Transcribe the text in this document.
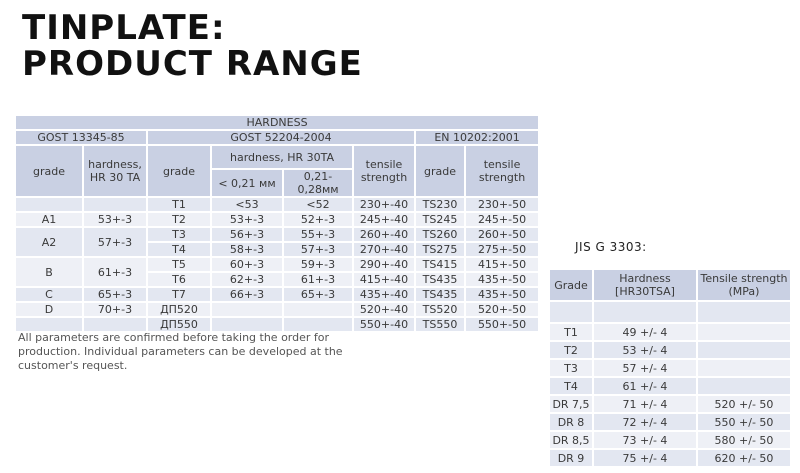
TINPLATE:
PRODUCT RANGE
HARDNESS							
GOST 13345-85		GOST 52204-2004				EN 10202:2001	
grade	hardness, HR 30 TA	grade	hardness, HR 30TA		tensile strength	grade	tensile strength
			< 0,21 мм	0,21-0,28мм			
		T1	<53	<52	230+-40	TS230	230+-50
A1	53+-3	T2	53+-3	52+-3	245+-40	TS245	245+-50
A2	57+-3	T3	56+-3	55+-3	260+-40	TS260	260+-50
		T4	58+-3	57+-3	270+-40	TS275	275+-50
B	61+-3	T5	60+-3	59+-3	290+-40	TS415	415+-50
		T6	62+-3	61+-3	415+-40	TS435	435+-50
C	65+-3	T7	66+-3	65+-3	435+-40	TS435	435+-50
D	70+-3	ДП520			520+-40	TS520	520+-50
		ДП550			550+-40	TS550	550+-50

All parameters are confirmed before taking the order for production. Individual parameters can be developed at the customer's request.

JIS G 3303:

Grade	Hardness [HR30TSA]	Tensile strength (MPa)

T1	49 +/- 4	
T2	53 +/- 4	
T3	57 +/- 4	
T4	61 +/- 4	
DR 7,5	71 +/- 4	520 +/- 50
DR 8	72 +/- 4	550 +/- 50
DR 8,5	73 +/- 4	580 +/- 50
DR 9	75 +/- 4	620 +/- 50
